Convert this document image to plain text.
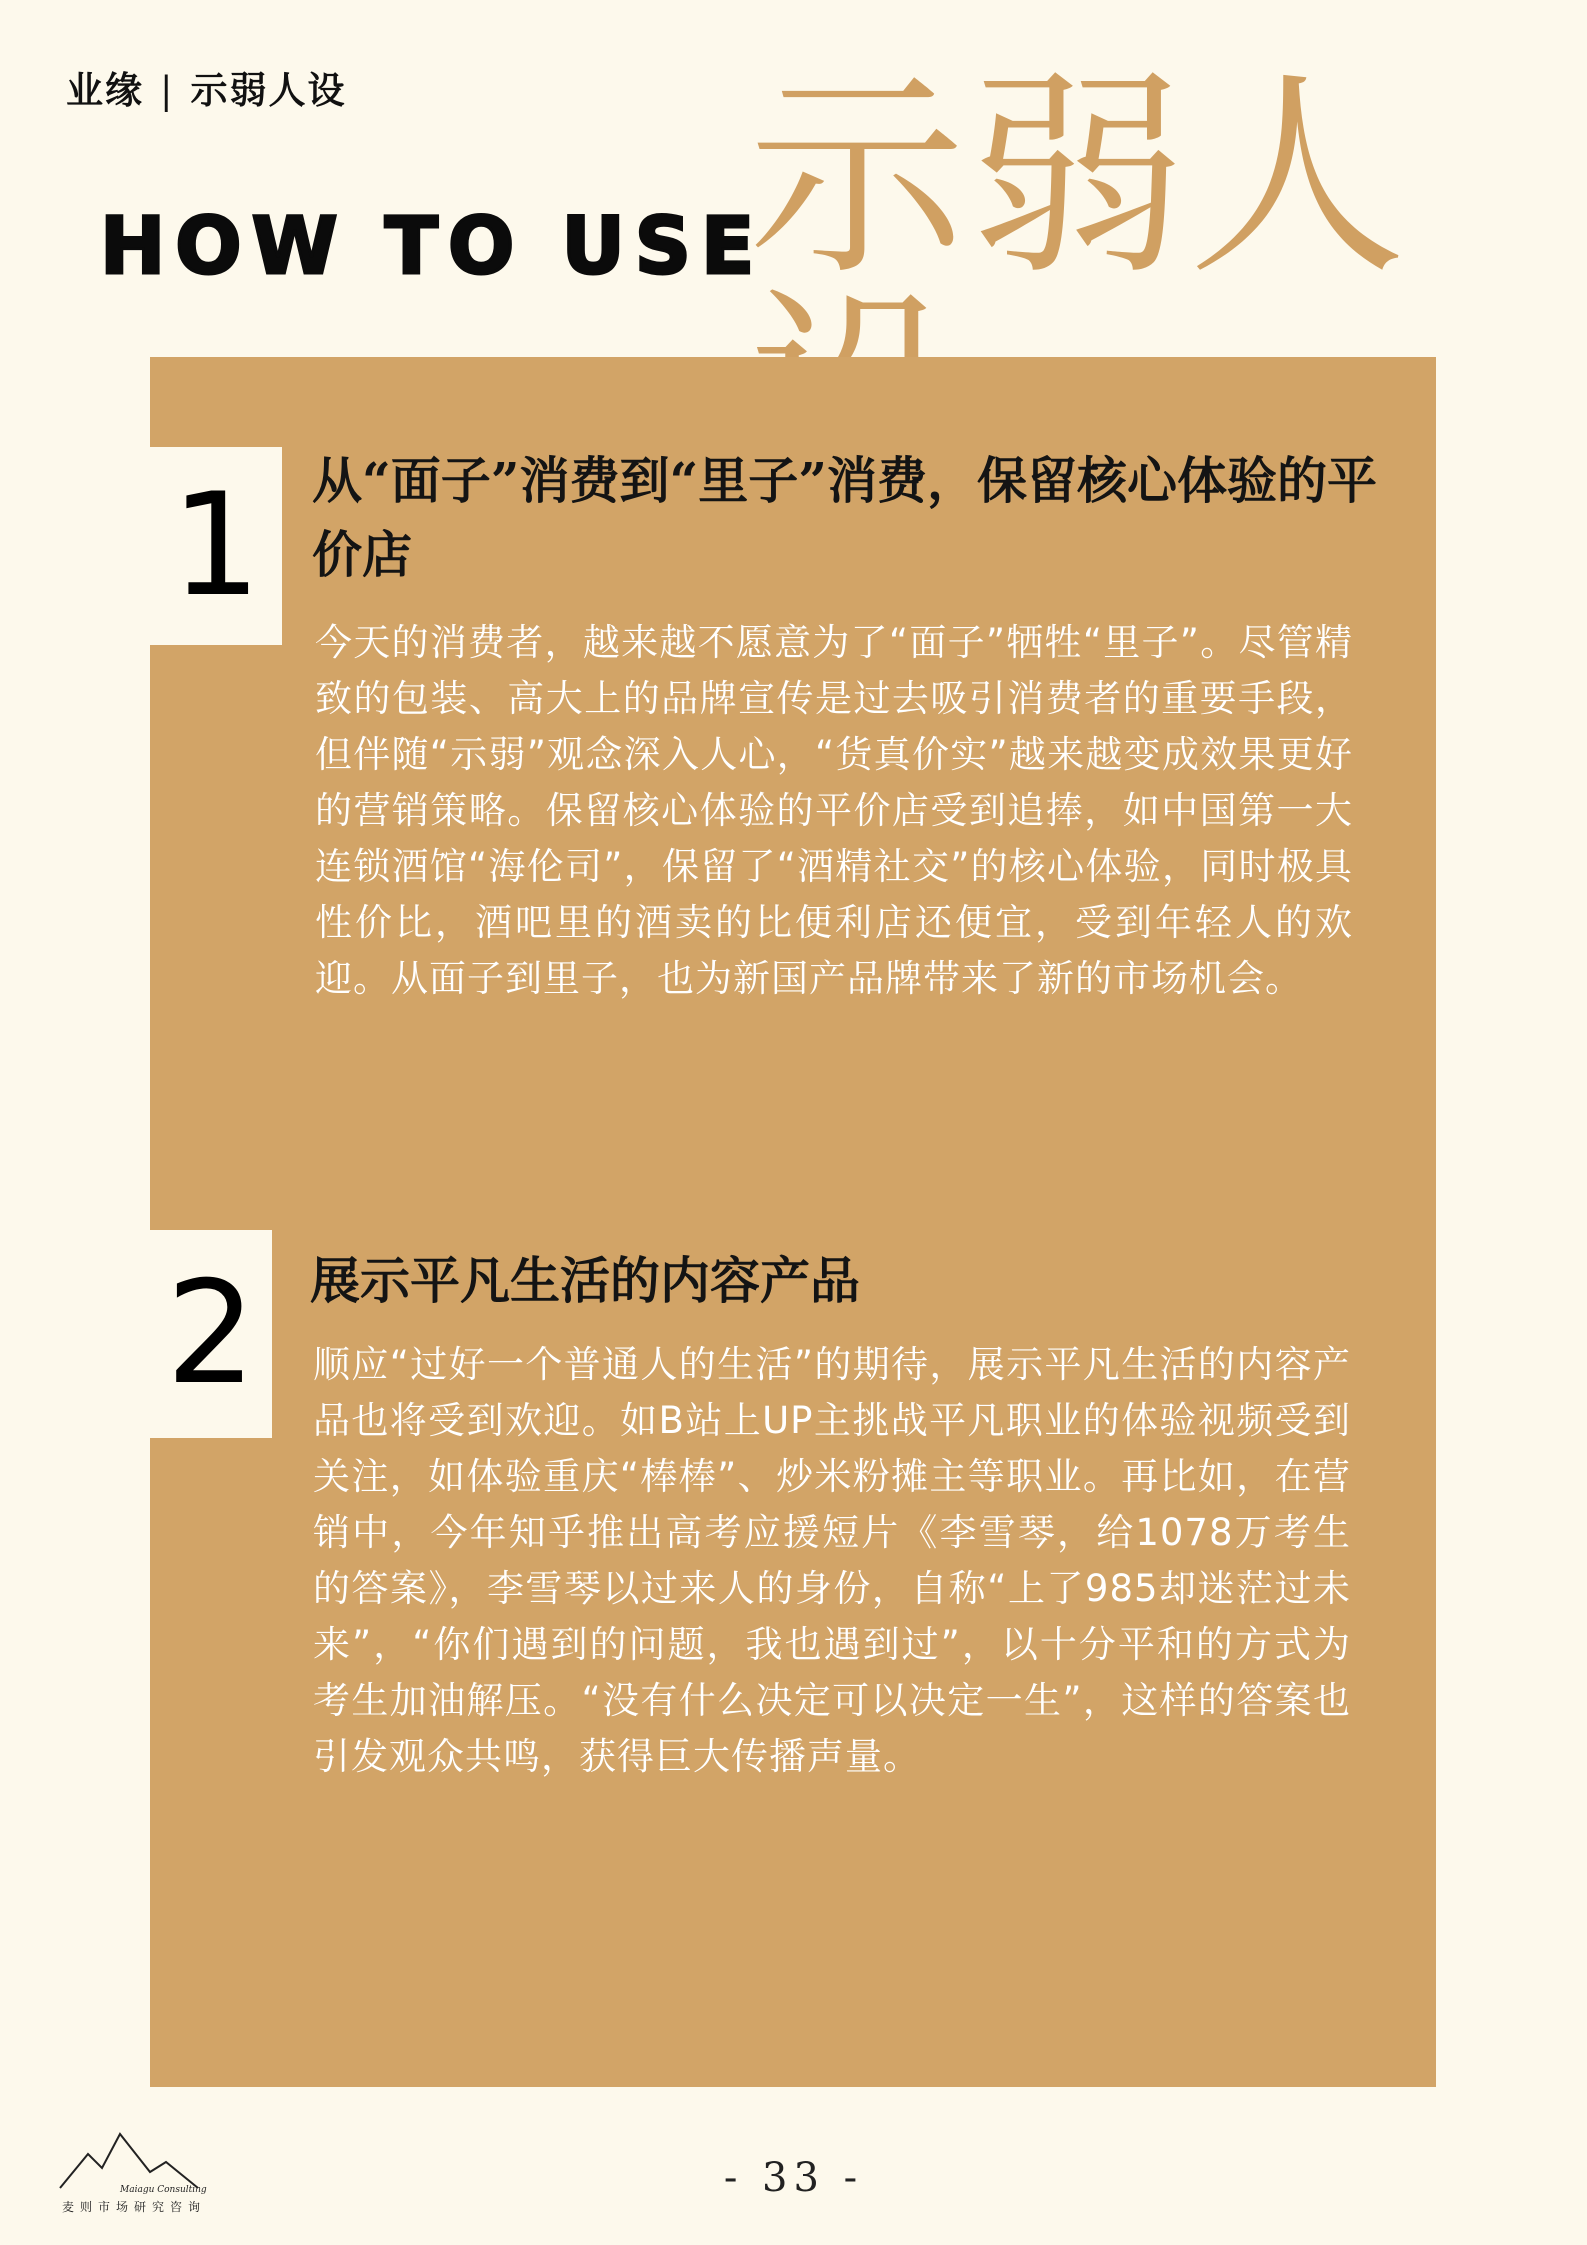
业缘 | 示弱人设
HOW TO USE
示弱人
1	从“面子”消费到“里子”消费，保留核心体验的平价店
今天的消费者，越来越不愿意为了“面子”牺牲“里子”。尽管精致的包装、高大上的品牌宣传是过去吸引消费者的重要手段，但伴随“示弱”观念深入人心，“货真价实”越来越变成效果更好的营销策略。保留核心体验的平价店受到追捧，如中国第一大连锁酒馆“海伦司”，保留了“酒精社交”的核心体验，同时极具性价比，酒吧里的酒卖的比便利店还便宜，受到年轻人的欢迎。从面子到里子，也为新国产品牌带来了新的市场机会。
2	展示平凡生活的内容产品
顺应“过好一个普通人的生活”的期待，展示平凡生活的内容产品也将受到欢迎。如B站上UP主挑战平凡职业的体验视频受到关注，如体验重庆“棒棒”、炒米粉摊主等职业。再比如，在营销中，今年知乎推出高考应援短片《李雪琴，给1078万考生的答案》，李雪琴以过来人的身份，自称“上了985却迷茫过未来”，“你们遇到的问题，我也遇到过”，以十分平和的方式为考生加油解压。“没有什么决定可以决定一生”，这样的答案也引发观众共鸣，获得巨大传播声量。
Maiagu Consulting
麦则市场研究咨询
- 33 -
